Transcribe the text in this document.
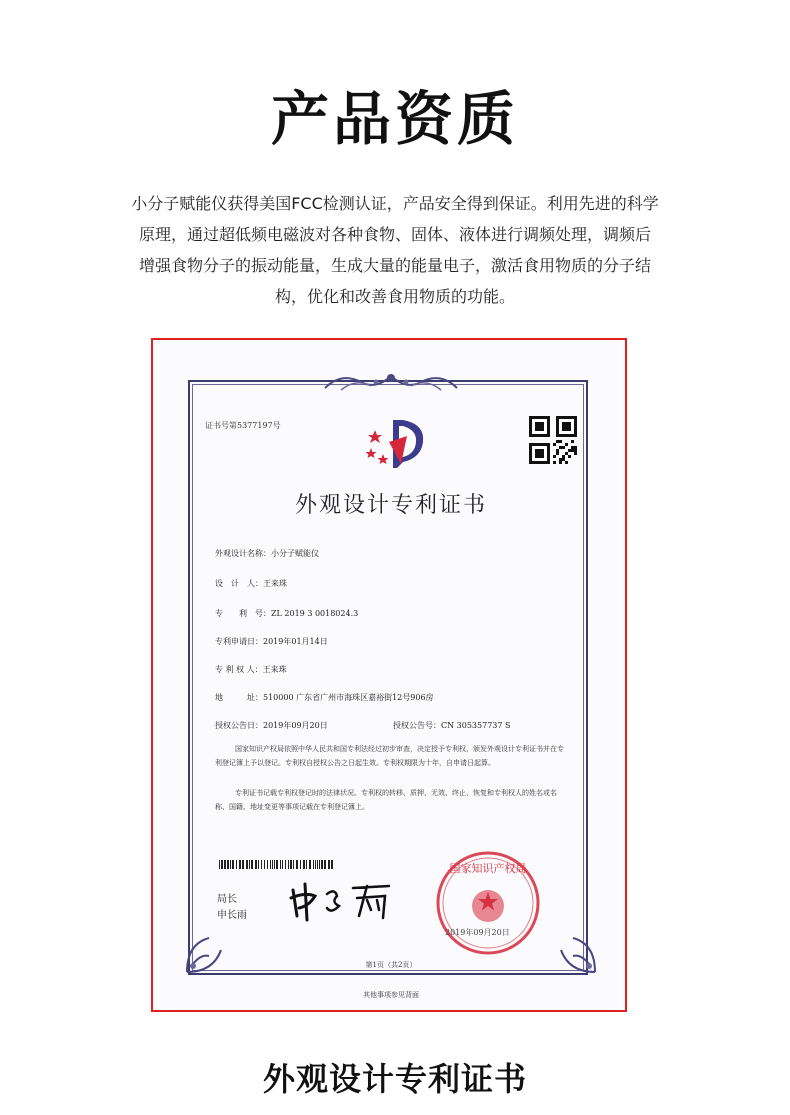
产品资质
小分子赋能仪获得美国FCC检测认证，产品安全得到保证。利用先进的科学
原理，通过超低频电磁波对各种食物、固体、液体进行调频处理，调频后
增强食物分子的振动能量，生成大量的能量电子，激活食用物质的分子结
构，优化和改善食用物质的功能。
证书号第5377197号
外观设计专利证书
外观设计名称：小分子赋能仪
设　计　人：王来珠
专　　利　号：ZL 2019 3 0018024.3
专利申请日：2019年01月14日
专 利 权 人：王来珠
地　　　址：510000 广东省广州市海珠区嘉裕街12号906房
授权公告日：2019年09月20日	授权公告号：CN 305357737 S
国家知识产权局依照中华人民共和国专利法经过初步审查，决定授予专利权，颁发外观设计专利证书并在专利登记簿上予以登记。专利权自授权公告之日起生效。专利权期限为十年，自申请日起算。
专利证书记载专利权登记时的法律状况。专利权的转移、质押、无效、终止、恢复和专利权人的姓名或名称、国籍、地址变更等事项记载在专利登记簿上。
局长
申长雨
国家知识产权局
2019年09月20日
第1页（共2页）
其他事项参见背面
外观设计专利证书
